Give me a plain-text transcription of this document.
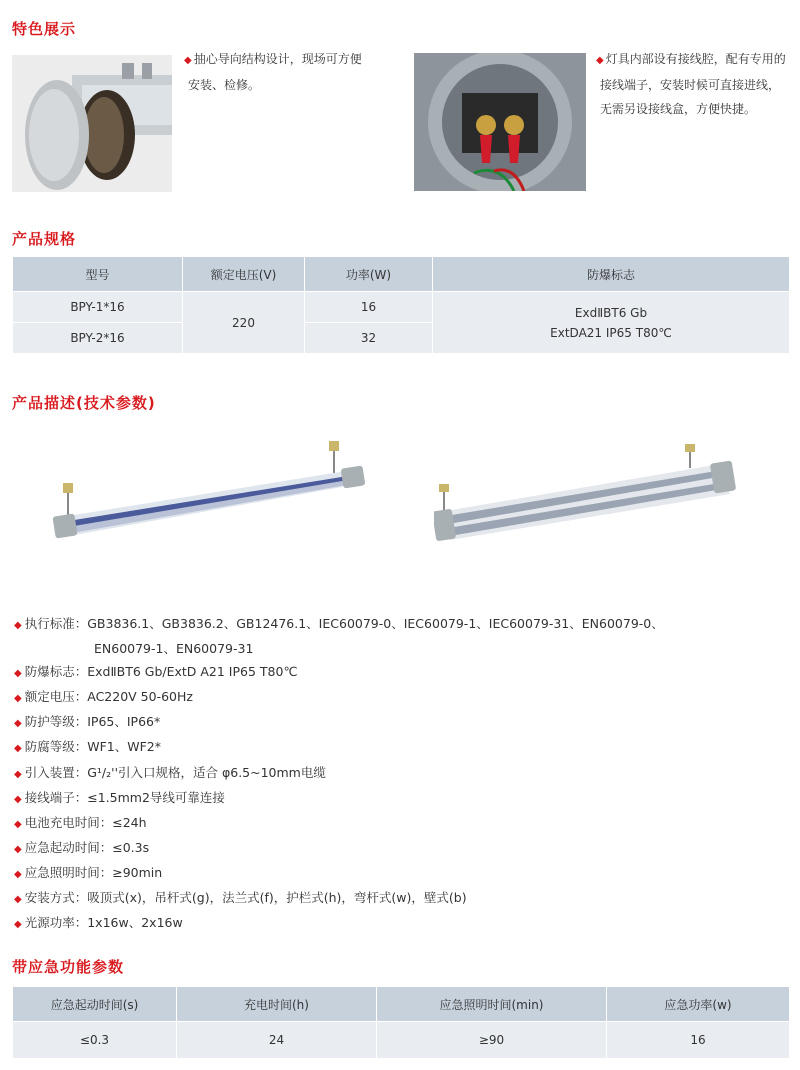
特色展示
◆ 抽心导向结构设计，现场可方便
安装、检修。
◆ 灯具内部设有接线腔，配有专用的
接线端子，安装时候可直接进线，
无需另设接线盒，方便快捷。
产品规格
型号	额定电压(V)	功率(W)	防爆标志
BPY-1*16	220	16	ExdⅡBT6 Gb
ExtDA21 IP65 T80℃

BPY-2*16		32	
产品描述(技术参数)
◆ 执行标准：GB3836.1、GB3836.2、GB12476.1、IEC60079-0、IEC60079-1、IEC60079-31、EN60079-0、
EN60079-1、EN60079-31
◆ 防爆标志：ExdⅡBT6 Gb/ExtD A21 IP65 T80℃
◆ 额定电压：AC220V 50-60Hz
◆ 防护等级：IP65、IP66*
◆ 防腐等级：WF1、WF2*
◆ 引入装置：G¹/₂''引入口规格，适合 φ6.5~10mm电缆
◆ 接线端子：≤1.5mm2导线可靠连接
◆ 电池充电时间：≤24h
◆ 应急起动时间：≤0.3s
◆ 应急照明时间：≥90min
◆ 安装方式：吸顶式(x)，吊杆式(g)，法兰式(f)，护栏式(h)，弯杆式(w)，壁式(b)
◆ 光源功率：1x16w、2x16w
带应急功能参数
应急起动时间(s)	充电时间(h)	应急照明时间(min)	应急功率(w)
≤0.3	24	≥90	16
